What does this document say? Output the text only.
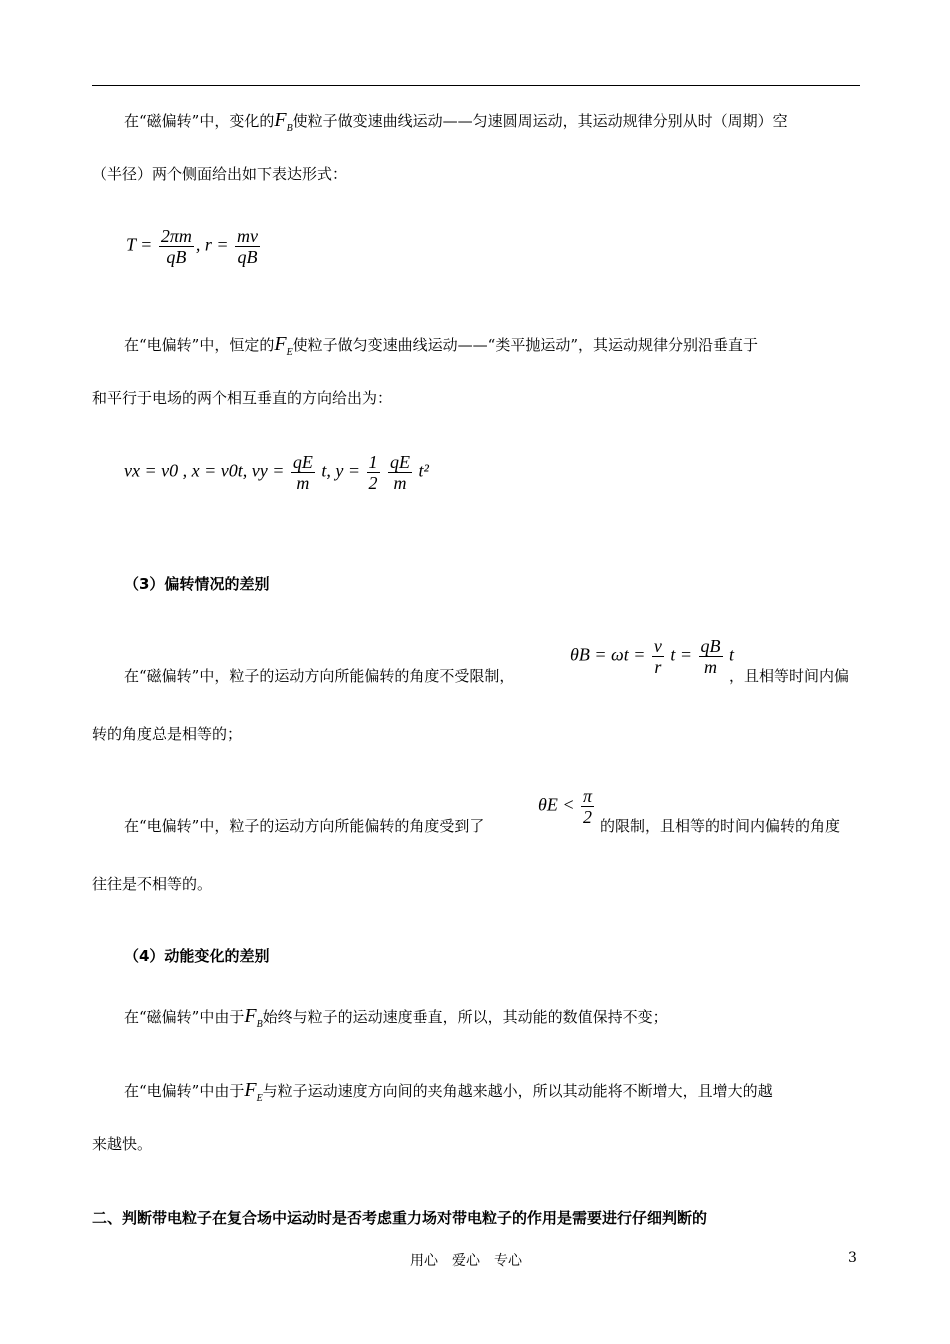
在“磁偏转”中，变化的$F_B$使粒子做变速曲线运动——匀速圆周运动，其运动规律分别从时（周期）空
（半径）两个侧面给出如下表达形式：
$T = \frac{2\pi m}{qB}$ , $r = \frac{mv}{qB}$
在“电偏转”中，恒定的$F_E$使粒子做匀变速曲线运动——“类平抛运动”，其运动规律分别沿垂直于
和平行于电场的两个相互垂直的方向给出为：
vx = v0 , x = v0t, vy = $\frac{qE}{m} t$, $y = \frac{1}{2}$
$\frac{qE}{m} t^2$
（3）偏转情况的差别
在“磁偏转”中，粒子的运动方向所能偏转的角度不受限制，
$\theta B = \omega t = \frac{v}{r}$ $t = \frac{qB}{m}$ t
，且相等时间内偏
转的角度总是相等的；
在“电偏转”中，粒子的运动方向所能偏转的角度受到了
$\theta E < \frac{\pi}{2}$ 的限制，且相等的时间内偏转的角度
往往是不相等的。
（4）动能变化的差别
在“磁偏转”中由于$F_B$始终与粒子的运动速度垂直，所以，其动能的数值保持不变；
在“电偏转”中由于$F_E$与粒子运动速度方向间的夹角越来越小，所以其动能将不断增大，且增大的越
来越快。
二、判断带电粒子在复合场中运动时是否考虑重力场对带电粒子的作用是需要进行仔细判断的
用心　爱心　专心	3
